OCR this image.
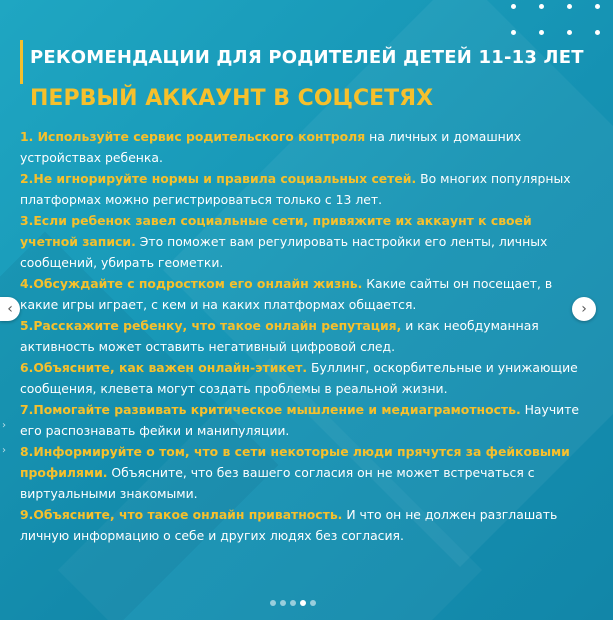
›
›
РЕКОМЕНДАЦИИ ДЛЯ РОДИТЕЛЕЙ ДЕТЕЙ 11-13 ЛЕТ
ПЕРВЫЙ АККАУНТ В СОЦСЕТЯХ
1. Используйте сервис родительского контроля на личных и домашних устройствах ребенка.
2.Не игнорируйте нормы и правила социальных сетей. Во многих популярных платформах можно регистрироваться только с 13 лет.
3.Если ребенок завел социальные сети, привяжите их аккаунт к своей учетной записи. Это поможет вам регулировать настройки его ленты, личных сообщений, убирать геометки.
4.Обсуждайте с подростком его онлайн жизнь. Какие сайты он посещает, в какие игры играет, с кем и на каких платформах общается.
5.Расскажите ребенку, что такое онлайн репутация, и как необдуманная активность может оставить негативный цифровой след.
6.Объясните, как важен онлайн-этикет. Буллинг, оскорбительные и унижающие сообщения, клевета могут создать проблемы в реальной жизни.
7.Помогайте развивать критическое мышление и медиаграмотность. Научите его распознавать фейки и манипуляции.
8.Информируйте о том, что в сети некоторые люди прячутся за фейковыми профилями. Объясните, что без вашего согласия он не может встречаться с виртуальными знакомыми.
9.Объясните, что такое онлайн приватность. И что он не должен разглашать личную информацию о себе и других людях без согласия.
‹	›
